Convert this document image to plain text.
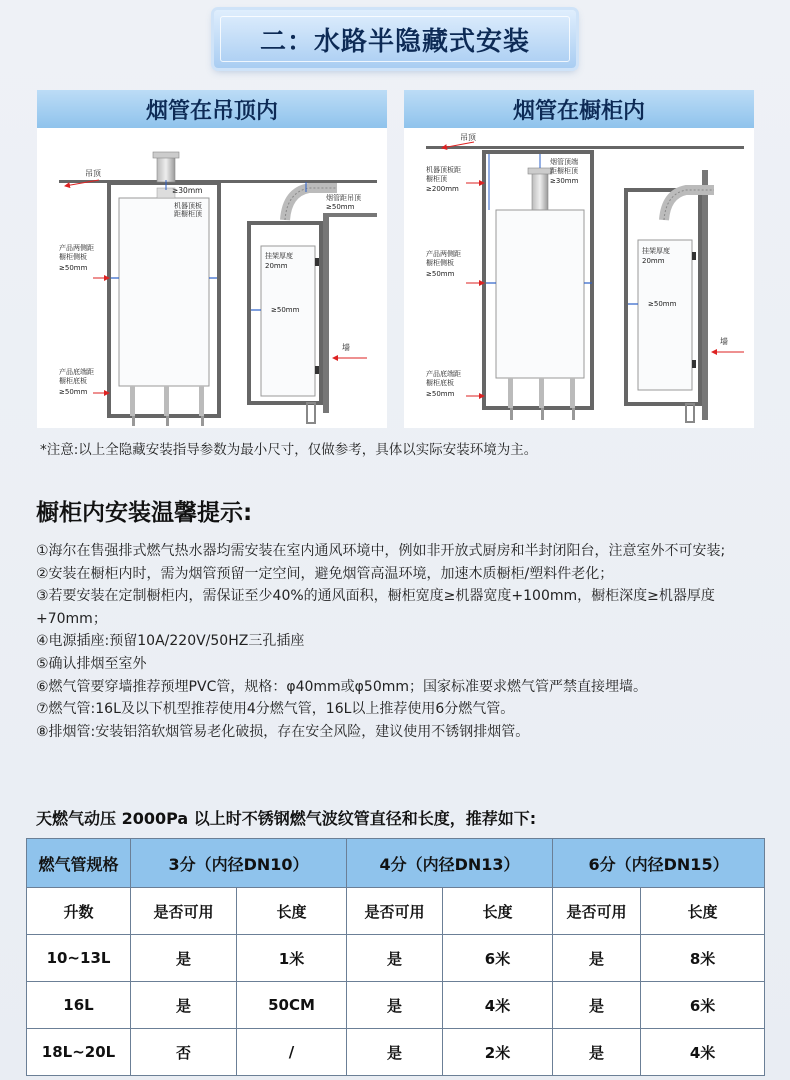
二：水路半隐藏式安装
烟管在吊顶内
吊顶
≥30mm
机器顶板
距橱柜顶
产品两侧距
橱柜侧板
≥50mm
产品底端距
橱柜底板
≥50mm
烟管距吊顶
≥50mm
挂架厚度
20mm
≥50mm
墙
烟管在橱柜内
吊顶
机器顶板距
橱柜顶
≥200mm
烟管顶端
距橱柜顶
≥30mm
产品两侧距
橱柜侧板
≥50mm
产品底端距
橱柜底板
≥50mm
挂架厚度
20mm
≥50mm
墙
*注意:以上全隐藏安装指导参数为最小尺寸，仅做参考，具体以实际安装环境为主。
橱柜内安装温馨提示:
①海尔在售强排式燃气热水器均需安装在室内通风环境中，例如非开放式厨房和半封闭阳台，注意室外不可安装;
②安装在橱柜内时，需为烟管预留一定空间，避免烟管高温环境，加速木质橱柜/塑料件老化；
③若要安装在定制橱柜内，需保证至少40%的通风面积，橱柜宽度≥机器宽度+100mm，橱柜深度≥机器厚度+70mm；
④电源插座:预留10A/220V/50HZ三孔插座
⑤确认排烟至室外
⑥燃气管要穿墙推荐预埋PVC管，规格：φ40mm或φ50mm；国家标准要求燃气管严禁直接埋墙。
⑦燃气管:16L及以下机型推荐使用4分燃气管，16L以上推荐使用6分燃气管。
⑧排烟管:安装铝箔软烟管易老化破损，存在安全风险，建议使用不锈钢排烟管。
天燃气动压 2000Pa 以上时不锈钢燃气波纹管直径和长度，推荐如下:
燃气管规格	3分（内径DN10）		4分（内径DN13）		6分（内径DN15）	
升数	是否可用	长度	是否可用	长度	是否可用	长度
10~13L	是	1米	是	6米	是	8米
16L	是	50CM	是	4米	是	6米
18L~20L	否	/	是	2米	是	4米
